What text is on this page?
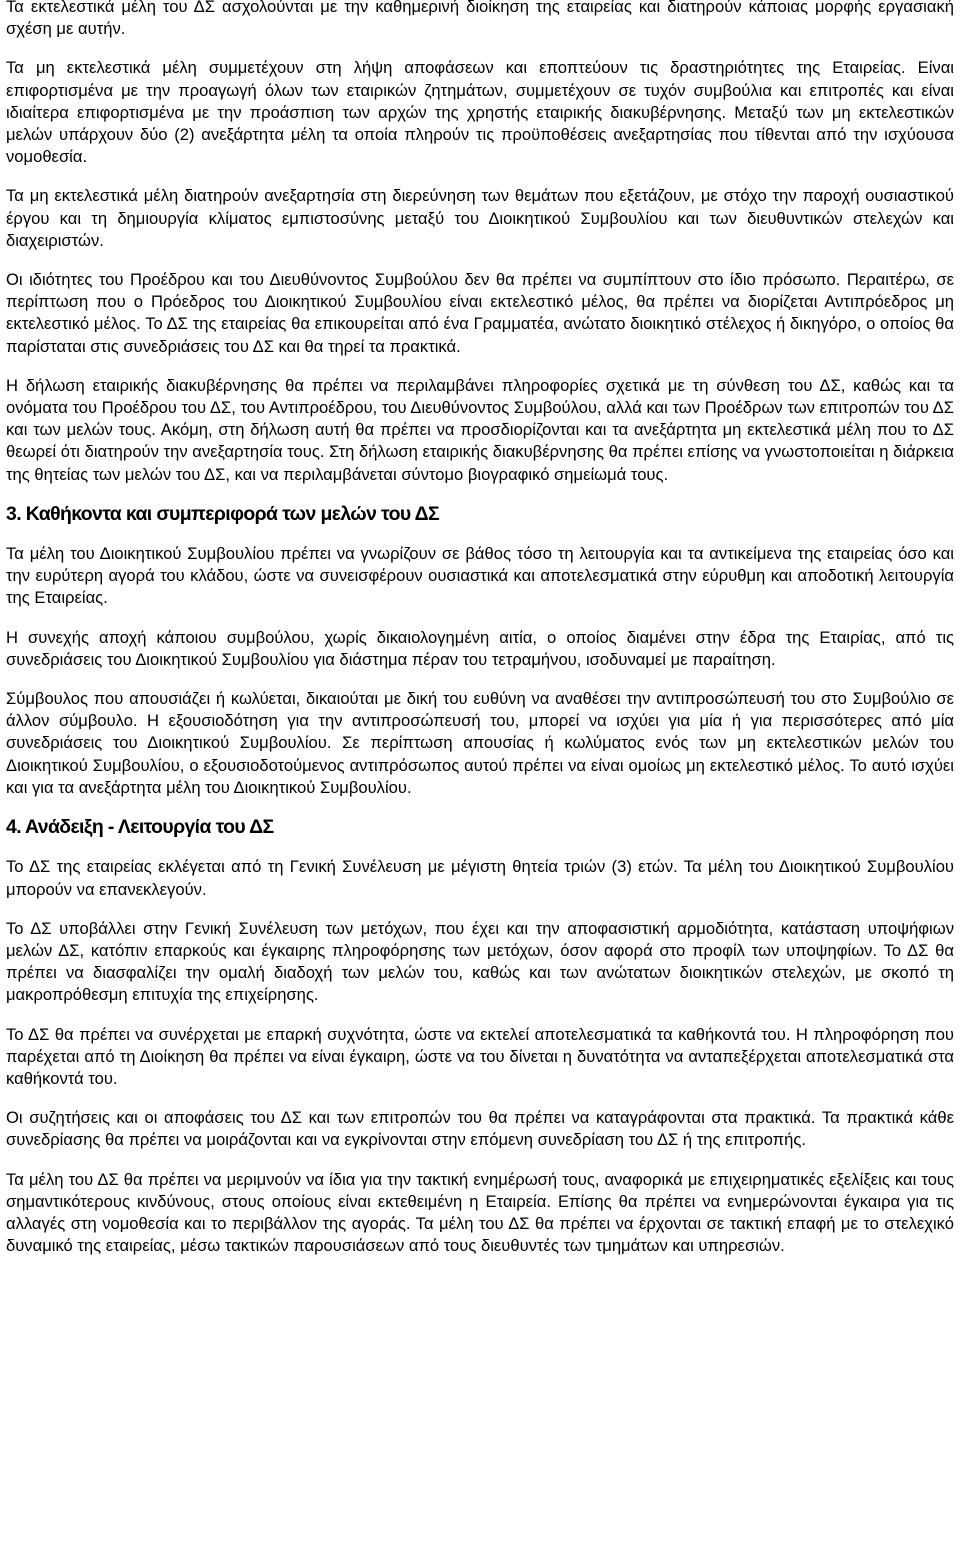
Τα εκτελεστικά μέλη του ΔΣ ασχολούνται με την καθημερινή διοίκηση της εταιρείας και διατηρούν κάποιας μορφής εργασιακή σχέση με αυτήν.

Τα μη εκτελεστικά μέλη συμμετέχουν στη λήψη αποφάσεων και εποπτεύουν τις δραστηριότητες της Εταιρείας. Είναι επιφορτισμένα με την προαγωγή όλων των εταιρικών ζητημάτων, συμμετέχουν σε τυχόν συμβούλια και επιτροπές και είναι ιδιαίτερα επιφορτισμένα με την προάσπιση των αρχών της χρηστής εταιρικής διακυβέρνησης. Μεταξύ των μη εκτελεστικών μελών υπάρχουν δύο (2) ανεξάρτητα μέλη τα οποία πληρούν τις προϋποθέσεις ανεξαρτησίας που τίθενται από την ισχύουσα νομοθεσία.

Τα μη εκτελεστικά μέλη διατηρούν ανεξαρτησία στη διερεύνηση των θεμάτων που εξετάζουν, με στόχο την παροχή ουσιαστικού έργου και τη δημιουργία κλίματος εμπιστοσύνης μεταξύ του Διοικητικού Συμβουλίου και των διευθυντικών στελεχών και διαχειριστών.

Οι ιδιότητες του Προέδρου και του Διευθύνοντος Συμβούλου δεν θα πρέπει να συμπίπτουν στο ίδιο πρόσωπο. Περαιτέρω, σε περίπτωση που ο Πρόεδρος του Διοικητικού Συμβουλίου είναι εκτελεστικό μέλος, θα πρέπει να διορίζεται Αντιπρόεδρος μη εκτελεστικό μέλος. Το ΔΣ της εταιρείας θα επικουρείται από ένα Γραμματέα, ανώτατο διοικητικό στέλεχος ή δικηγόρο, ο οποίος θα παρίσταται στις συνεδριάσεις του ΔΣ και θα τηρεί τα πρακτικά.

Η δήλωση εταιρικής διακυβέρνησης θα πρέπει να περιλαμβάνει πληροφορίες σχετικά με τη σύνθεση του ΔΣ, καθώς και τα ονόματα του Προέδρου του ΔΣ, του Αντιπροέδρου, του Διευθύνοντος Συμβούλου, αλλά και των Προέδρων των επιτροπών του ΔΣ και των μελών τους. Ακόμη, στη δήλωση αυτή θα πρέπει να προσδιορίζονται και τα ανεξάρτητα μη εκτελεστικά μέλη που το ΔΣ θεωρεί ότι διατηρούν την ανεξαρτησία τους. Στη δήλωση εταιρικής διακυβέρνησης θα πρέπει επίσης να γνωστοποιείται η διάρκεια της θητείας των μελών του ΔΣ, και να περιλαμβάνεται σύντομο βιογραφικό σημείωμά τους.

3. Καθήκοντα και συμπεριφορά των μελών του ΔΣ

Τα μέλη του Διοικητικού Συμβουλίου πρέπει να γνωρίζουν σε βάθος τόσο τη λειτουργία και τα αντικείμενα της εταιρείας όσο και την ευρύτερη αγορά του κλάδου, ώστε να συνεισφέρουν ουσιαστικά και αποτελεσματικά στην εύρυθμη και αποδοτική λειτουργία της Εταιρείας.

Η συνεχής αποχή κάποιου συμβούλου, χωρίς δικαιολογημένη αιτία, ο οποίος διαμένει στην έδρα της Εταιρίας, από τις συνεδριάσεις του Διοικητικού Συμβουλίου για διάστημα πέραν του τετραμήνου, ισοδυναμεί με παραίτηση.

Σύμβουλος που απουσιάζει ή κωλύεται, δικαιούται με δική του ευθύνη να αναθέσει την αντιπροσώπευσή του στο Συμβούλιο σε άλλον σύμβουλο. Η εξουσιοδότηση για την αντιπροσώπευσή του, μπορεί να ισχύει για μία ή για περισσότερες από μία συνεδριάσεις του Διοικητικού Συμβουλίου. Σε περίπτωση απουσίας ή κωλύματος ενός των μη εκτελεστικών μελών του Διοικητικού Συμβουλίου, ο εξουσιοδοτούμενος αντιπρόσωπος αυτού πρέπει να είναι ομοίως μη εκτελεστικό μέλος. Το αυτό ισχύει και για τα ανεξάρτητα μέλη του Διοικητικού Συμβουλίου.

4. Ανάδειξη - Λειτουργία του ΔΣ

Το ΔΣ της εταιρείας εκλέγεται από τη Γενική Συνέλευση με μέγιστη θητεία τριών (3) ετών. Τα μέλη του Διοικητικού Συμβουλίου μπορούν να επανεκλεγούν.

Το ΔΣ υποβάλλει στην Γενική Συνέλευση των μετόχων, που έχει και την αποφασιστική αρμοδιότητα, κατάσταση υποψήφιων μελών ΔΣ, κατόπιν επαρκούς και έγκαιρης πληροφόρησης των μετόχων, όσον αφορά στο προφίλ των υποψηφίων. Το ΔΣ θα πρέπει να διασφαλίζει την ομαλή διαδοχή των μελών του, καθώς και των ανώτατων διοικητικών στελεχών, με σκοπό τη μακροπρόθεσμη επιτυχία της επιχείρησης.

Το ΔΣ θα πρέπει να συνέρχεται με επαρκή συχνότητα, ώστε να εκτελεί αποτελεσματικά τα καθήκοντά του. Η πληροφόρηση που παρέχεται από τη Διοίκηση θα πρέπει να είναι έγκαιρη, ώστε να του δίνεται η δυνατότητα να ανταπεξέρχεται αποτελεσματικά στα καθήκοντά του.

Οι συζητήσεις και οι αποφάσεις του ΔΣ και των επιτροπών του θα πρέπει να καταγράφονται στα πρακτικά. Τα πρακτικά κάθε συνεδρίασης θα πρέπει να μοιράζονται και να εγκρίνονται στην επόμενη συνεδρίαση του ΔΣ ή της επιτροπής.

Τα μέλη του ΔΣ θα πρέπει να μεριμνούν να ίδια για την τακτική ενημέρωσή τους, αναφορικά με επιχειρηματικές εξελίξεις και τους σημαντικότερους κινδύνους, στους οποίους είναι εκτεθειμένη η Εταιρεία. Επίσης θα πρέπει να ενημερώνονται έγκαιρα για τις αλλαγές στη νομοθεσία και το περιβάλλον της αγοράς. Τα μέλη του ΔΣ θα πρέπει να έρχονται σε τακτική επαφή με το στελεχικό δυναμικό της εταιρείας, μέσω τακτικών παρουσιάσεων από τους διευθυντές των τμημάτων και υπηρεσιών.
